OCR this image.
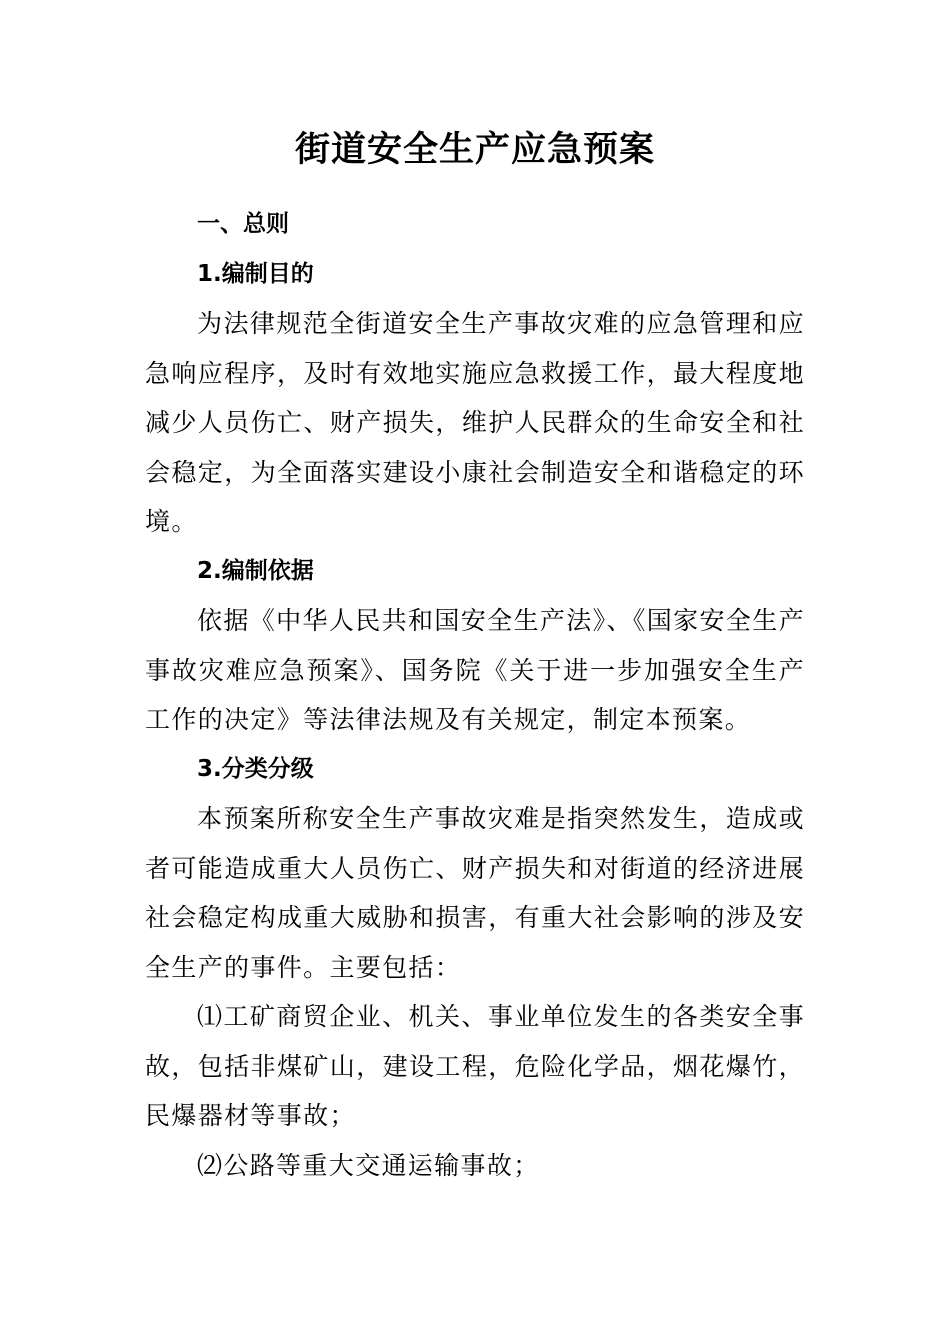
街道安全生产应急预案

一、总则

1.编制目的

为法律规范全街道安全生产事故灾难的应急管理和应急响应程序，及时有效地实施应急救援工作，最大程度地减少人员伤亡、财产损失，维护人民群众的生命安全和社会稳定，为全面落实建设小康社会制造安全和谐稳定的环境。

2.编制依据

依据《中华人民共和国安全生产法》、《国家安全生产事故灾难应急预案》、国务院《关于进一步加强安全生产工作的决定》等法律法规及有关规定，制定本预案。

3.分类分级

本预案所称安全生产事故灾难是指突然发生，造成或者可能造成重大人员伤亡、财产损失和对街道的经济进展社会稳定构成重大威胁和损害，有重大社会影响的涉及安全生产的事件。主要包括：

⑴工矿商贸企业、机关、事业单位发生的各类安全事故，包括非煤矿山，建设工程，危险化学品，烟花爆竹，民爆器材等事故；

⑵公路等重大交通运输事故；
